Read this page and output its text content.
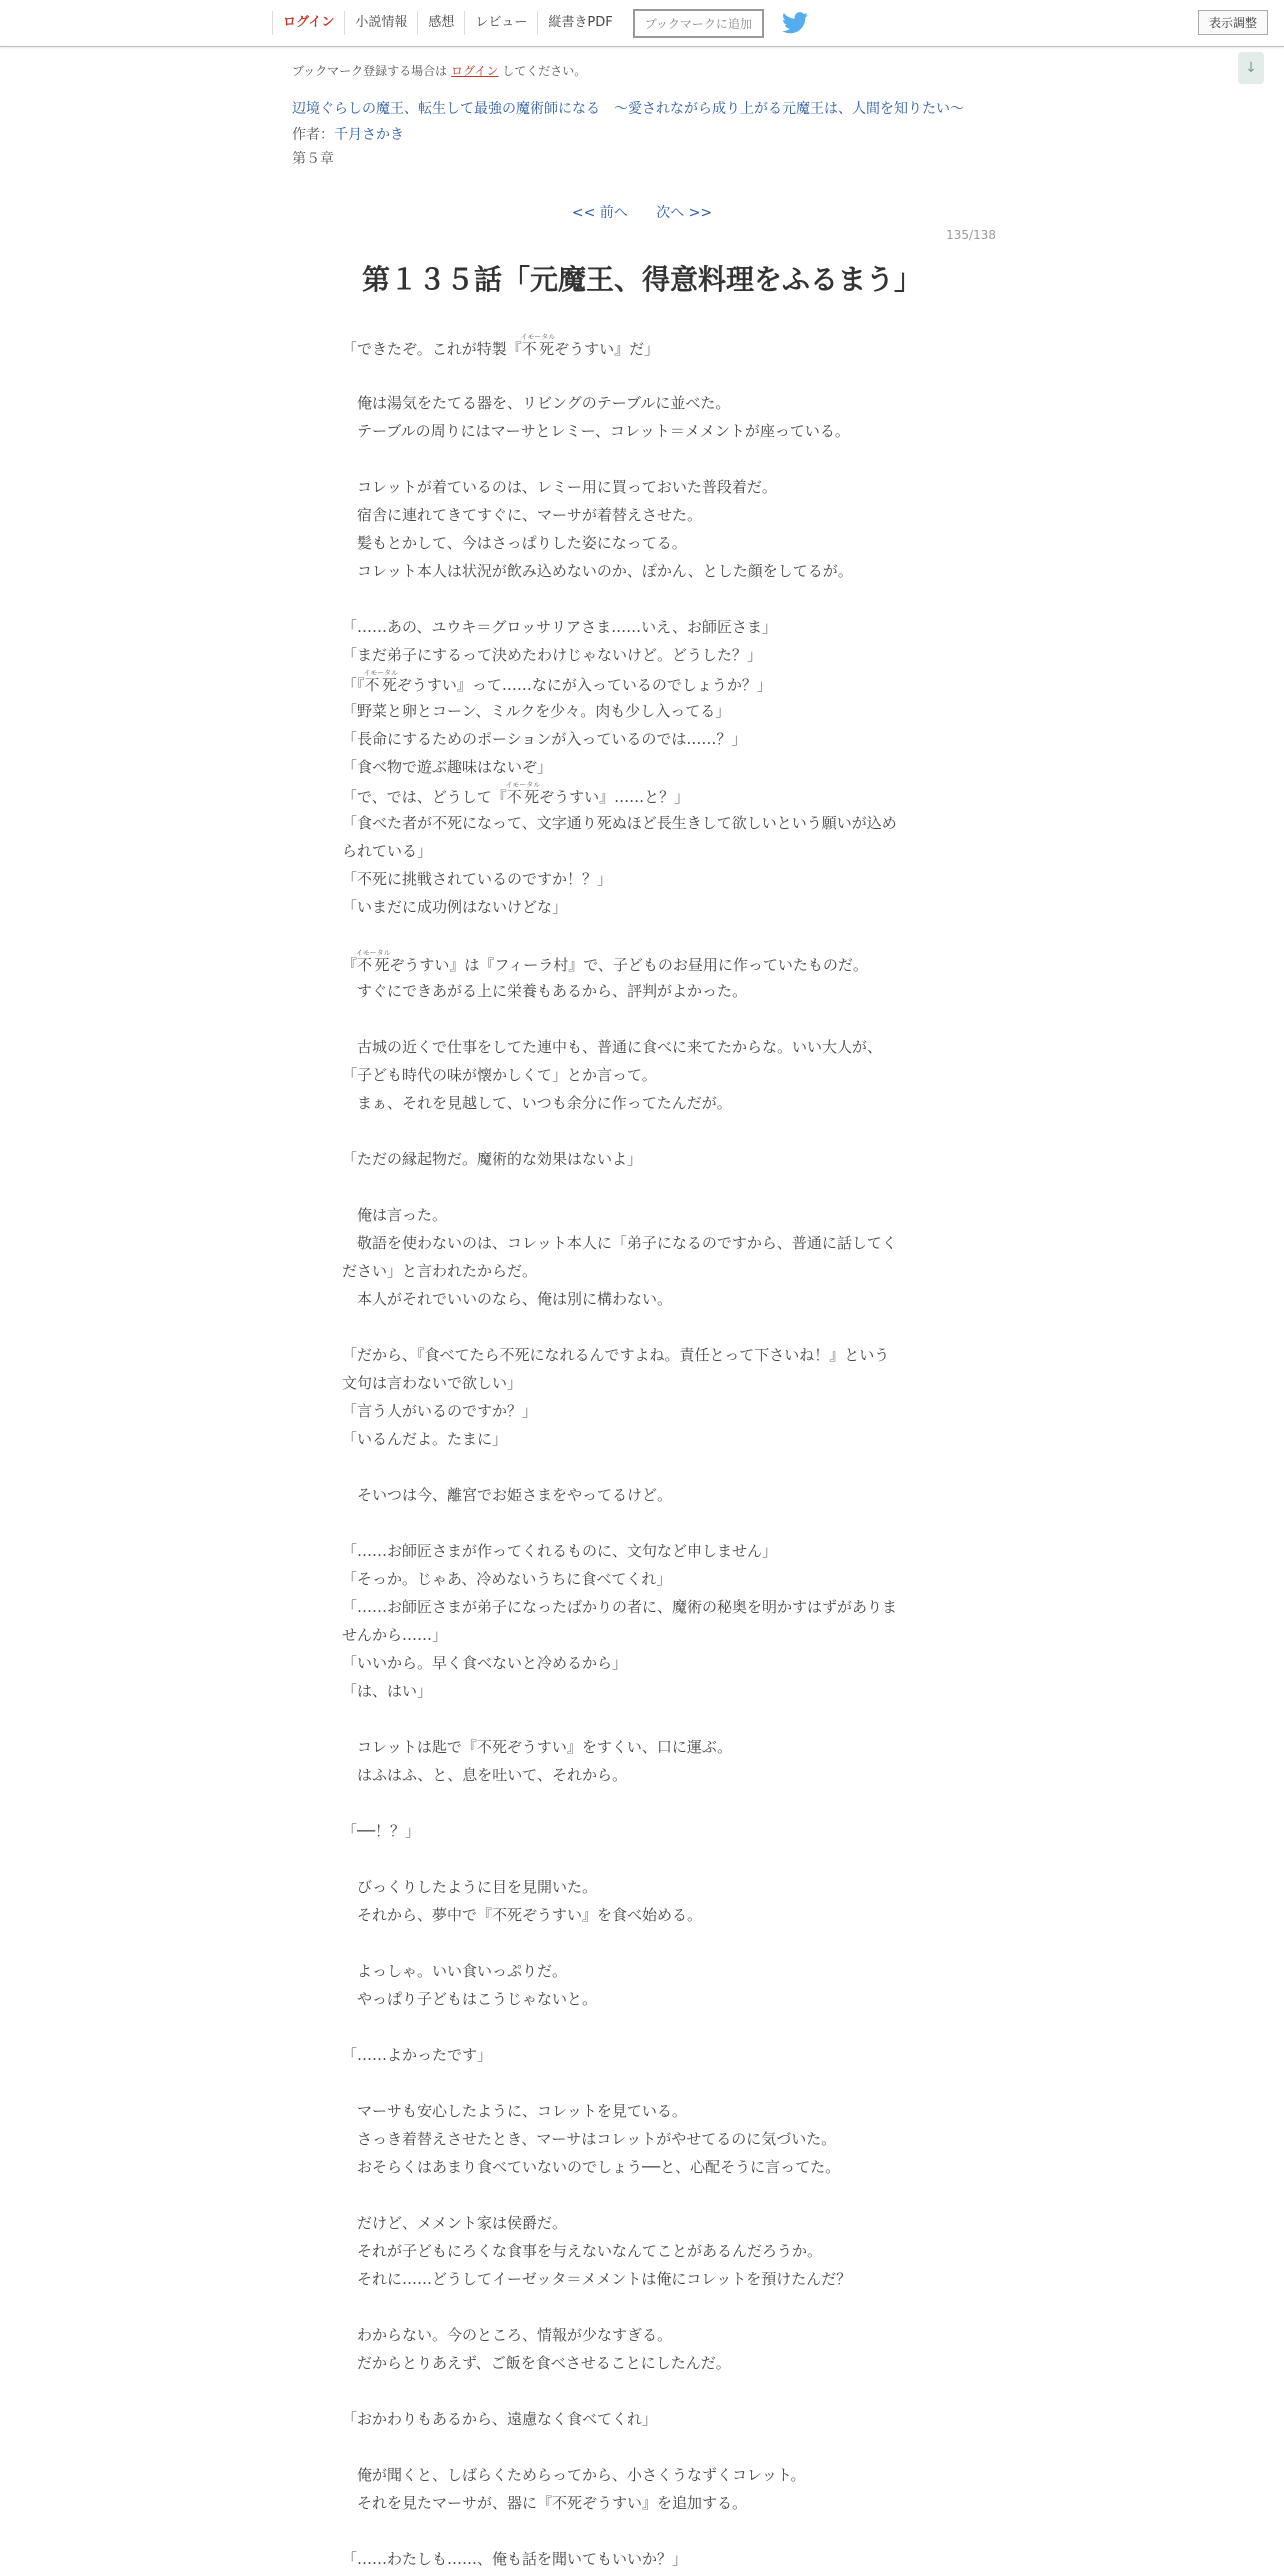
ログイン	小説情報	感想	レビュー	縦書きPDF	ブックマークに追加	表示調整
↓
ブックマーク登録する場合は ログイン してください。
辺境ぐらしの魔王、転生して最強の魔術師になる　〜愛されながら成り上がる元魔王は、人間を知りたい〜
作者：千月さかき
第５章
<< 前へ 次へ >>
135/138
第１３５話「元魔王、得意料理をふるまう」
「できたぞ。これが特製『不死イモータルぞうすい』だ」
　俺は湯気をたてる器を、リビングのテーブルに並べた。
　テーブルの周りにはマーサとレミー、コレット＝メメントが座っている。
　コレットが着ているのは、レミー用に買っておいた普段着だ。
　宿舎に連れてきてすぐに、マーサが着替えさせた。
　髪もとかして、今はさっぱりした姿になってる。
　コレット本人は状況が飲み込めないのか、ぽかん、とした顔をしてるが。
「……あの、ユウキ＝グロッサリアさま……いえ、お師匠さま」
「まだ弟子にするって決めたわけじゃないけど。どうした？」
「『不死イモータルぞうすい』って……なにが入っているのでしょうか？」
「野菜と卵とコーン、ミルクを少々。肉も少し入ってる」
「長命にするためのポーションが入っているのでは……？」
「食べ物で遊ぶ趣味はないぞ」
「で、では、どうして『不死イモータルぞうすい』……と？」
「食べた者が不死になって、文字通り死ぬほど長生きして欲しいという願いが込め
られている」
「不死に挑戦されているのですか！？」
「いまだに成功例はないけどな」
『不死イモータルぞうすい』は『フィーラ村』で、子どものお昼用に作っていたものだ。
　すぐにできあがる上に栄養もあるから、評判がよかった。
　古城の近くで仕事をしてた連中も、普通に食べに来てたからな。いい大人が、
「子ども時代の味が懐かしくて」とか言って。
　まぁ、それを見越して、いつも余分に作ってたんだが。
「ただの縁起物だ。魔術的な効果はないよ」
　俺は言った。
　敬語を使わないのは、コレット本人に「弟子になるのですから、普通に話してく
ださい」と言われたからだ。
　本人がそれでいいのなら、俺は別に構わない。
「だから、『食べてたら不死になれるんですよね。責任とって下さいね！』という
文句は言わないで欲しい」
「言う人がいるのですか？」
「いるんだよ。たまに」
　そいつは今、離宮でお姫さまをやってるけど。
「……お師匠さまが作ってくれるものに、文句など申しません」
「そっか。じゃあ、冷めないうちに食べてくれ」
「……お師匠さまが弟子になったばかりの者に、魔術の秘奥を明かすはずがありま
せんから……」
「いいから。早く食べないと冷めるから」
「は、はい」
　コレットは匙で『不死ぞうすい』をすくい、口に運ぶ。
　はふはふ、と、息を吐いて、それから。
「──！？」
　びっくりしたように目を見開いた。
　それから、夢中で『不死ぞうすい』を食べ始める。
　よっしゃ。いい食いっぷりだ。
　やっぱり子どもはこうじゃないと。
「……よかったです」
　マーサも安心したように、コレットを見ている。
　さっき着替えさせたとき、マーサはコレットがやせてるのに気づいた。
　おそらくはあまり食べていないのでしょう──と、心配そうに言ってた。
　だけど、メメント家は侯爵だ。
　それが子どもにろくな食事を与えないなんてことがあるんだろうか。
　それに……どうしてイーゼッタ＝メメントは俺にコレットを預けたんだ？
　わからない。今のところ、情報が少なすぎる。
　だからとりあえず、ご飯を食べさせることにしたんだ。
「おかわりもあるから、遠慮なく食べてくれ」
　俺が聞くと、しばらくためらってから、小さくうなずくコレット。
　それを見たマーサが、器に『不死ぞうすい』を追加する。
「……わたしも……、俺も話を聞いてもいいか？」
